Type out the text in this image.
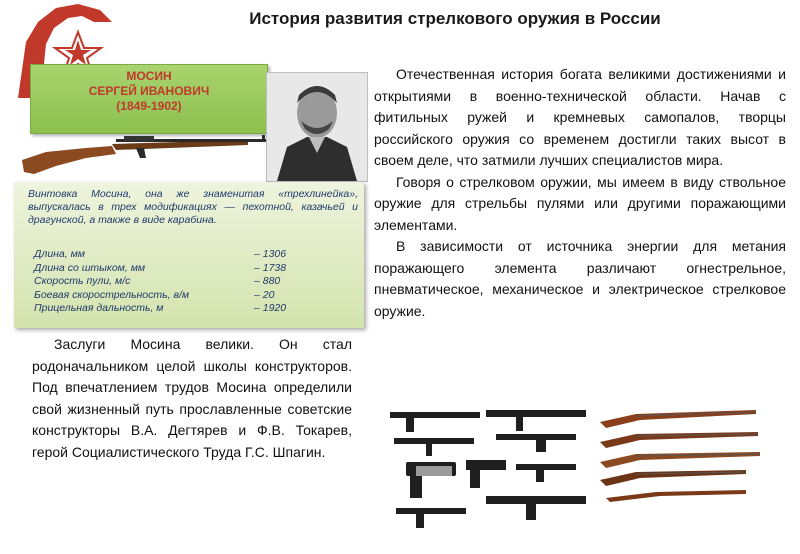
История развития стрелкового оружия в России
МОСИН
СЕРГЕЙ ИВАНОВИЧ
(1849-1902)
Винтовка Мосина, она же знаменитая «трехлинейка», выпускалась в трех модификациях — пехотной, казачьей и драгунской, а также в виде карабина.
Длина, мм	– 1306
Длина со штыком, мм	– 1738
Скорость пули, м/с	– 880
Боевая скорострельность, в/м	– 20
Прицельная дальность, м	– 1920

Заслуги Мосина велики. Он стал родоначальником целой школы конструкторов. Под впечатлением трудов Мосина определили свой жизненный путь прославленные советские конструкторы В.А. Дегтярев и Ф.В. Токарев, герой Социалистического Труда Г.С. Шпагин.

Отечественная история богата великими достижениями и открытиями в военно-технической области. Начав с фитильных ружей и кремневых самопалов, творцы российского оружия со временем достигли таких высот в своем деле, что затмили лучших специалистов мира.

Говоря о стрелковом оружии, мы имеем в виду ствольное оружие для стрельбы пулями или другими поражающими элементами.

В зависимости от источника энергии для метания поражающего элемента различают огнестрельное, пневматическое, механическое и электрическое стрелковое оружие.
